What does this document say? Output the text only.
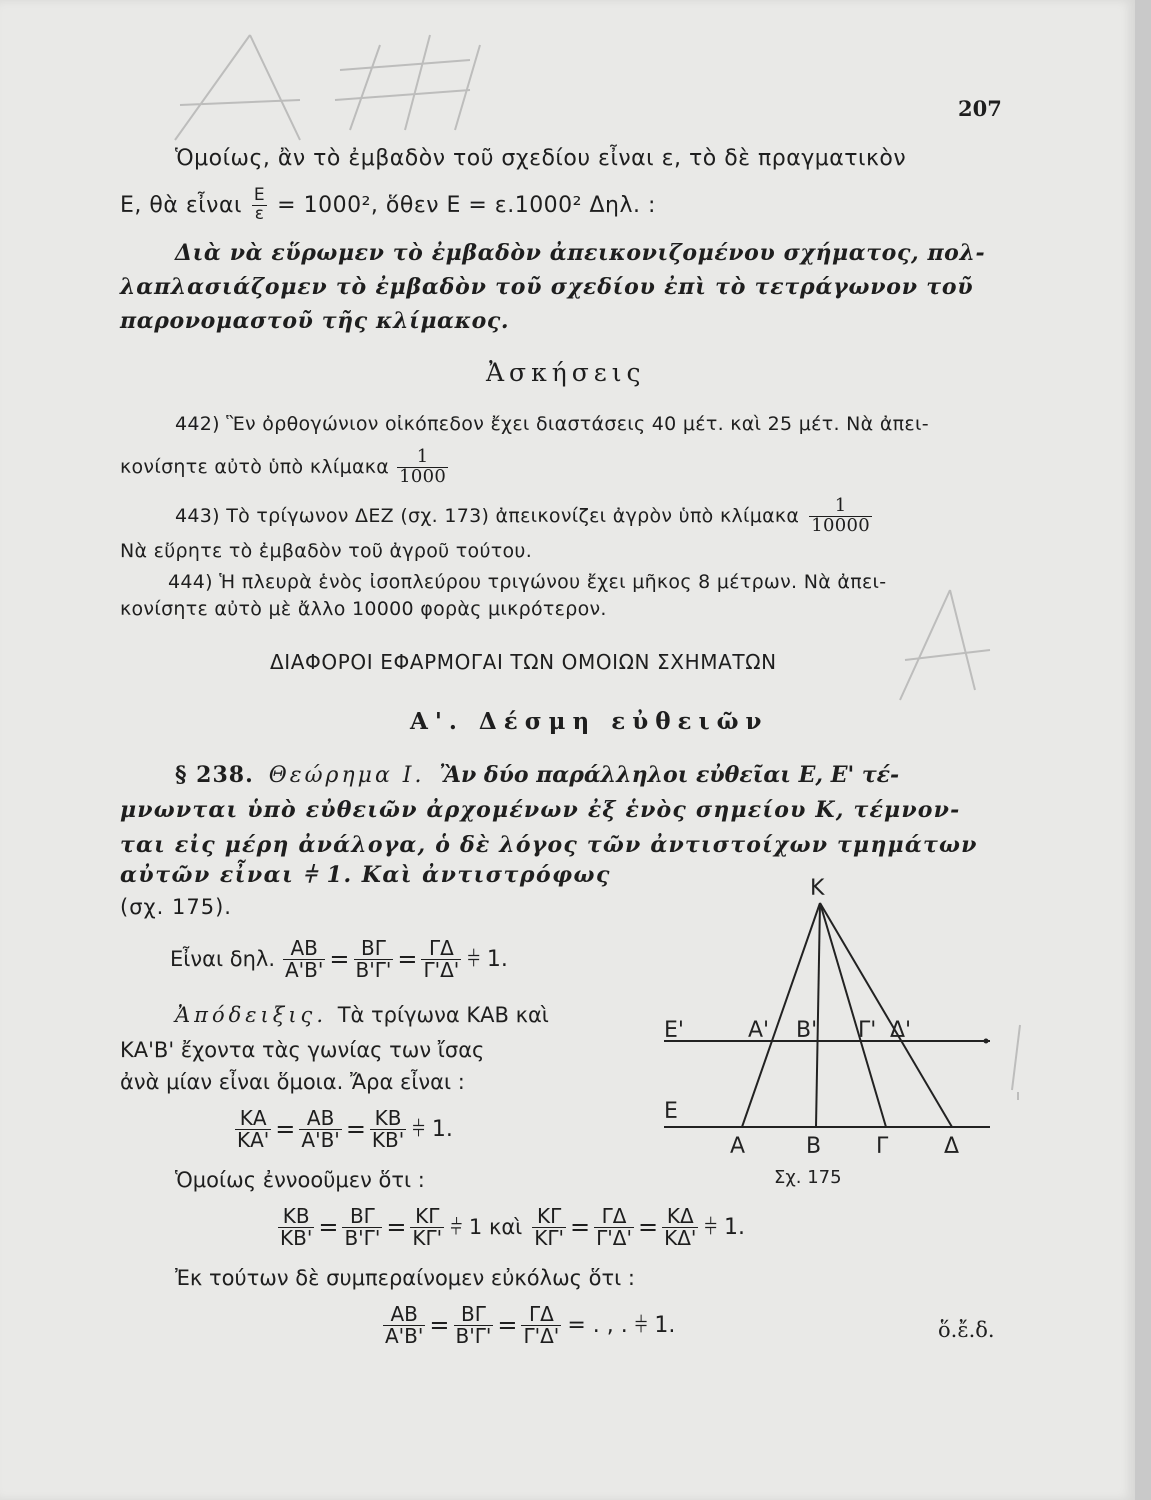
207
Ὁμοίως, ἂν τὸ ἐμβαδὸν τοῦ σχεδίου εἶναι ε, τὸ δὲ πραγματικὸν
Ε, θὰ εἶναι $\frac{E}{\varepsilon} = 1000^2$, ὅθεν Ε = ε.1000² Δηλ. :
Διὰ νὰ εὕρωμεν τὸ ἐμβαδὸν ἀπεικονιζομένου σχήματος, πολ-
λαπλασιάζομεν τὸ ἐμβαδὸν τοῦ σχεδίου ἐπὶ τὸ τετράγωνον τοῦ
παρονομαστοῦ τῆς κλίμακος.
Ἀσκήσεις
442) Ἓν ὀρθογώνιον οἰκόπεδον ἔχει διαστάσεις 40 μέτ. καὶ 25 μέτ. Νὰ ἀπει-
κονίσητε αὐτὸ ὑπὸ κλίμακα $\frac{1}{1000}$
443) Τὸ τρίγωνον ΔΕΖ (σχ. 173) ἀπεικονίζει ἀγρὸν ὑπὸ κλίμακα $\frac{1}{10000}$
Νὰ εὕρητε τὸ ἐμβαδὸν τοῦ ἀγροῦ τούτου.
444) Ἡ πλευρὰ ἑνὸς ἰσοπλεύρου τριγώνου ἔχει μῆκος 8 μέτρων. Νὰ ἀπει-
κονίσητε αὐτὸ μὲ ἄλλο 10000 φορὰς μικρότερον.
ΔΙΑΦΟΡΟΙ ΕΦΑΡΜΟΓΑΙ ΤΩΝ ΟΜΟΙΩΝ ΣΧΗΜΑΤΩΝ
Α'. Δέσμη εὐθειῶν
§ 238. Θεώρημα Ι. Ἂν δύο παράλληλοι εὐθεῖαι Ε, Ε' τέ-
μνωνται ὑπὸ εὐθειῶν ἀρχομένων ἐξ ἑνὸς σημείου Κ, τέμνον-
ται εἰς μέρη ἀνάλογα, ὁ δὲ λόγος τῶν ἀντιστοίχων τμημάτων
αὐτῶν εἶναι ⫩ 1. Καὶ ἀντιστρόφως
(σχ. 175).
Εἶναι δηλ. $\frac{AB}{A'B'} = \frac{B\Gamma}{B'\Gamma'} = \frac{\Gamma\Delta}{\Gamma'\Delta'}$ ⫩ 1.
Ἀπόδειξις. Τὰ τρίγωνα ΚΑΒ καὶ
ΚΑ'Β' ἔχοντα τὰς γωνίας των ἴσας
ἀνὰ μίαν εἶναι ὅμοια. Ἄρα εἶναι :
$\frac{KA}{KA'} = \frac{AB}{A'B'} = \frac{KB}{KB'}$ ⫩ 1.
Ὁμοίως ἐννοοῦμεν ὅτι :
$\frac{KB}{KB'} = \frac{B\Gamma}{B'\Gamma'} = \frac{K\Gamma}{K\Gamma'}$ ⫩ 1 καὶ $\frac{K\Gamma}{K\Gamma'} = \frac{\Gamma\Delta}{\Gamma'\Delta'} = \frac{K\Delta}{K\Delta'}$ ⫩ 1.
Ἐκ τούτων δὲ συμπεραίνομεν εὐκόλως ὅτι :
$\frac{AB}{A'B'} = \frac{B\Gamma}{B'\Gamma'} = \frac{\Gamma\Delta}{\Gamma'\Delta'}$ = . , . ⫩ 1.	ὅ.ἔ.δ.
Κ
Ε'
Ε
Α' Β' Γ' Δ'
Α	Β Γ	Δ
Σχ. 175
